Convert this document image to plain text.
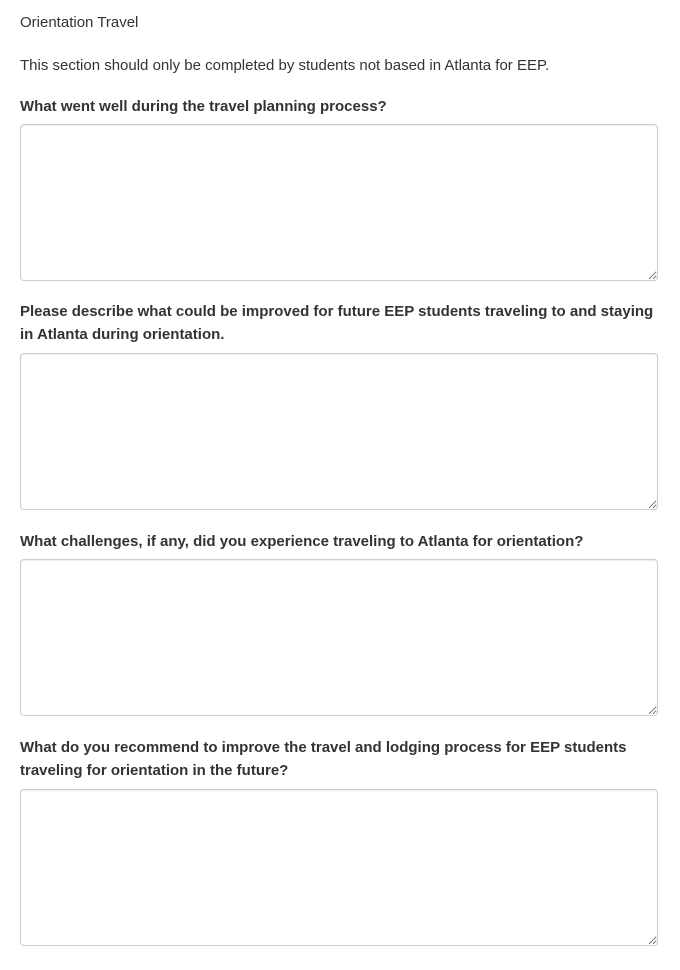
Orientation Travel

This section should only be completed by students not based in Atlanta for EEP.

What went well during the travel planning process?
Please describe what could be improved for future EEP students traveling to and staying in Atlanta during orientation.
What challenges, if any, did you experience traveling to Atlanta for orientation?
What do you recommend to improve the travel and lodging process for EEP students traveling for orientation in the future?
